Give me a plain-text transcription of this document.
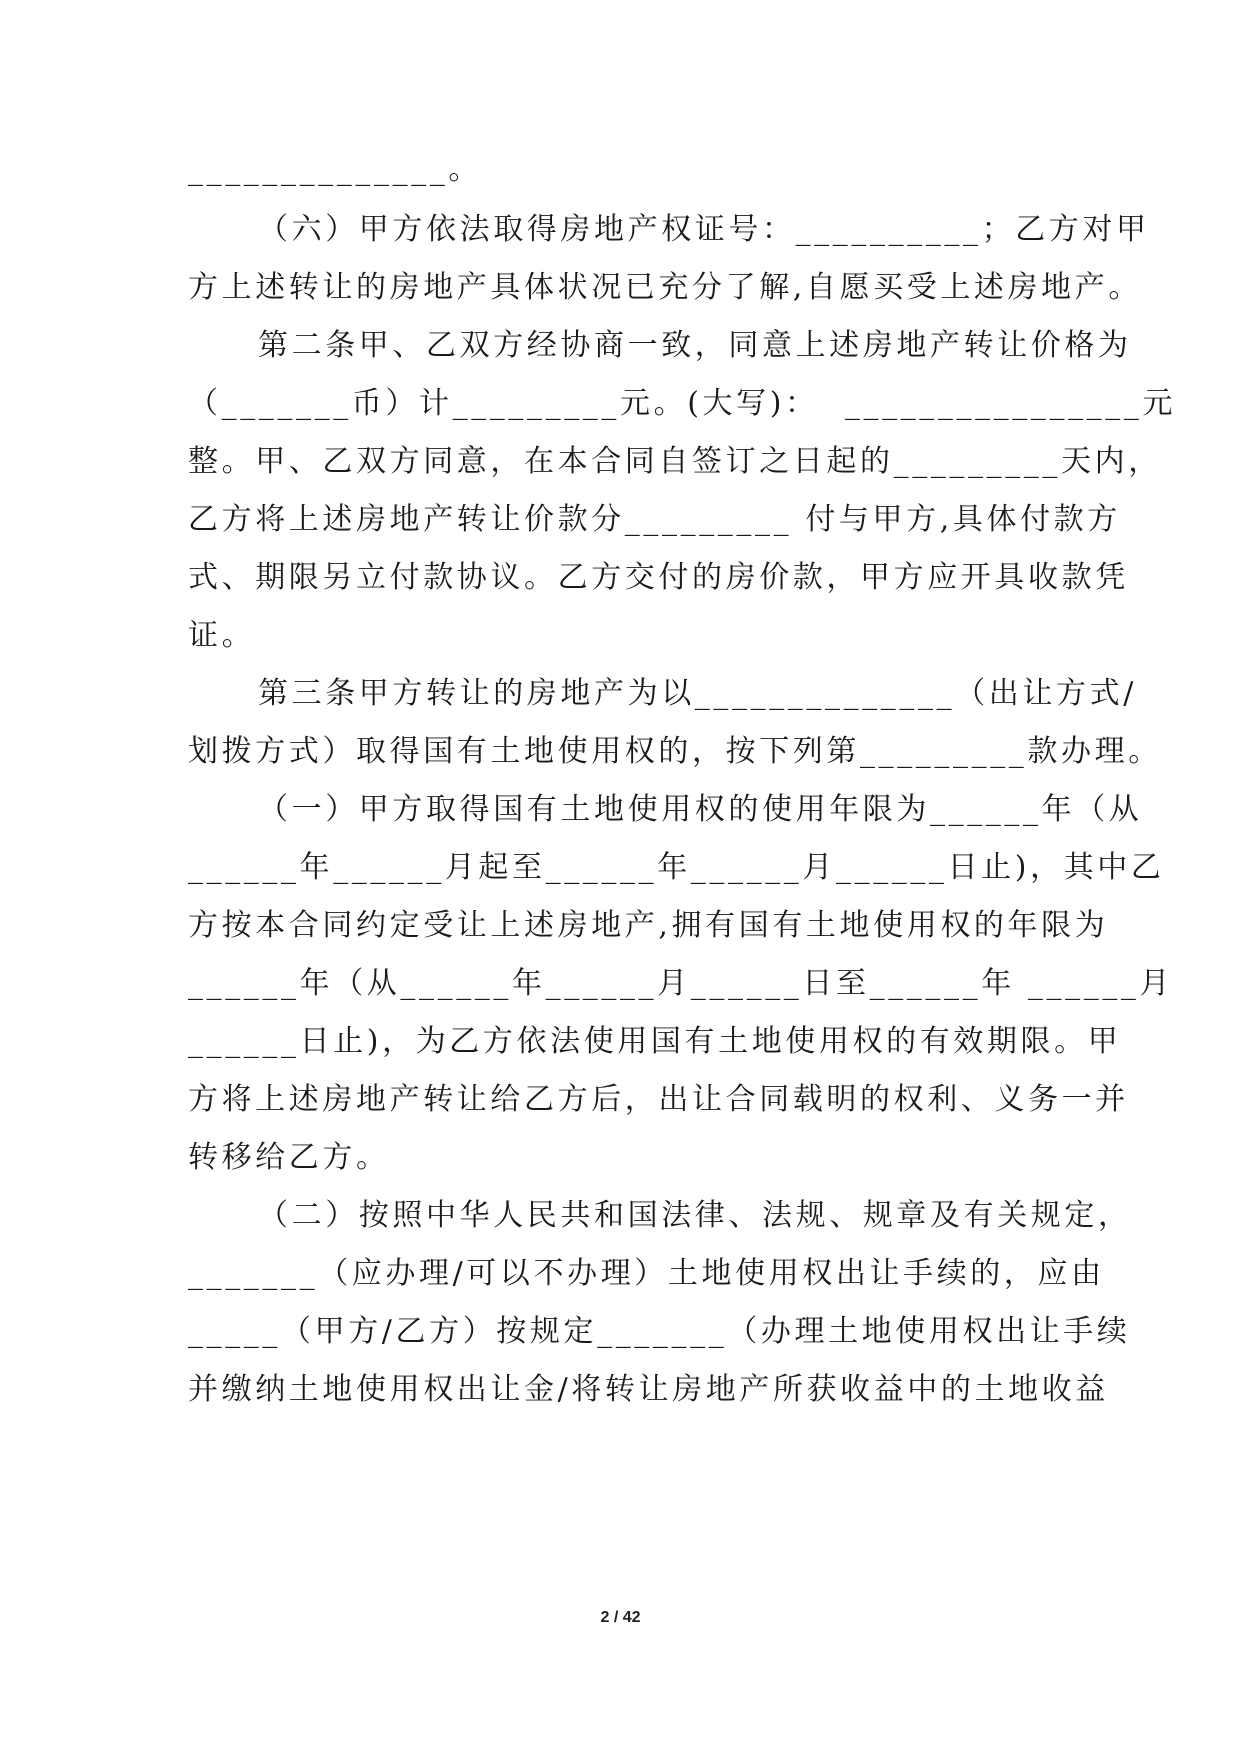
______________。
（六）甲方依法取得房地产权证号：__________；乙方对甲
方上述转让的房地产具体状况已充分了解,自愿买受上述房地产。
第二条甲、乙双方经协商一致，同意上述房地产转让价格为
（_______币）计_________元。(大写)：  ________________元
整。甲、乙双方同意，在本合同自签订之日起的_________天内，
乙方将上述房地产转让价款分_________ 付与甲方,具体付款方
式、期限另立付款协议。乙方交付的房价款，甲方应开具收款凭
证。
第三条甲方转让的房地产为以______________（出让方式/
划拨方式）取得国有土地使用权的，按下列第_________款办理。
（一）甲方取得国有土地使用权的使用年限为______年（从
______年______月起至______年______月______日止)，其中乙
方按本合同约定受让上述房地产,拥有国有土地使用权的年限为
______年（从______年______月______日至______年 ______月
______日止)，为乙方依法使用国有土地使用权的有效期限。甲
方将上述房地产转让给乙方后，出让合同载明的权利、义务一并
转移给乙方。
（二）按照中华人民共和国法律、法规、规章及有关规定，
_______（应办理/可以不办理）土地使用权出让手续的，应由
_____（甲方/乙方）按规定_______（办理土地使用权出让手续
并缴纳土地使用权出让金/将转让房地产所获收益中的土地收益
2 / 42
